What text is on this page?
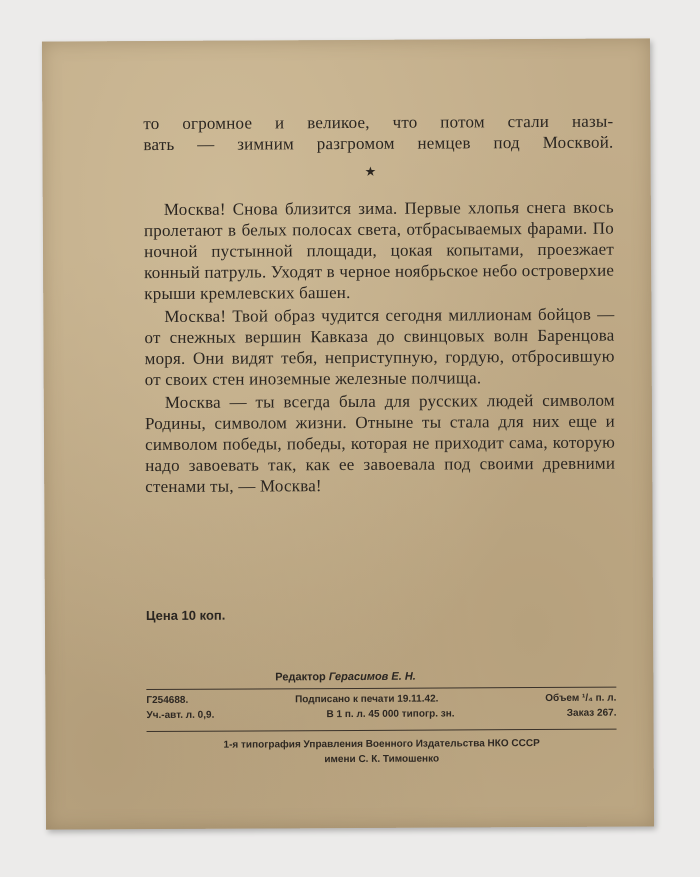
то огромное и великое, что потом стали назы-
вать — зимним разгромом немцев под Москвой.
★

Москва! Снова близится зима. Первые хлопья снега вкось пролетают в белых полосах света, отбрасываемых фарами. По ночной пустынной площади, цокая копытами, проезжает конный патруль. Уходят в черное ноябрьское небо островерхие крыши кремлевских башен.

Москва! Твой образ чудится сегодня миллионам бойцов — от снежных вершин Кавказа до свинцовых волн Баренцова моря. Они видят тебя, неприступную, гордую, отбросившую от своих стен иноземные железные полчища.

Москва — ты всегда была для русских людей символом Родины, символом жизни. Отныне ты стала для них еще и символом победы, победы, которая не приходит сама, которую надо завоевать так, как ее завоевала под своими древними стенами ты, — Москва!

Цена 10 коп.
Редактор Герасимов Е. Н.
Г254688.	Подписано к печати 19.11.42.	Объем ¹/₄ п. л.
Уч.-авт. л. 0,9.	В 1 п. л. 45 000 типогр. зн.	Заказ 267.
1-я типография Управления Военного Издательства НКО СССР
имени С. К. Тимошенко
